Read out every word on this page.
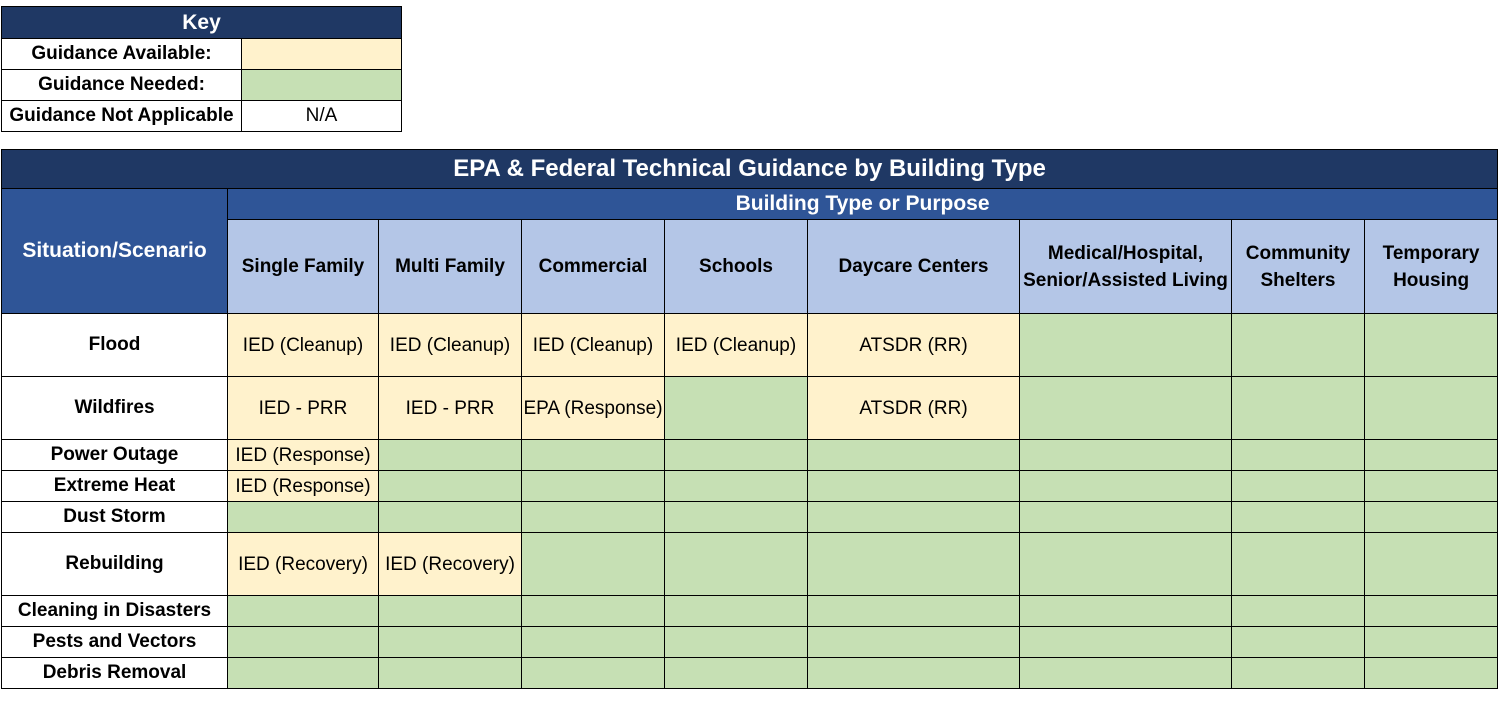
Key	
Guidance Available:	
Guidance Needed:	
Guidance Not Applicable	N/A
EPA & Federal Technical Guidance by Building Type								
Situation/Scenario	Building Type or Purpose							
	Single Family	Multi Family	Commercial	Schools	Daycare Centers	Medical/Hospital, Senior/Assisted Living	Community Shelters	Temporary Housing
Flood	IED (Cleanup)	IED (Cleanup)	IED (Cleanup)	IED (Cleanup)	ATSDR (RR)			
Wildfires	IED - PRR	IED - PRR	EPA (Response)		ATSDR (RR)			
Power Outage	IED (Response)							
Extreme Heat	IED (Response)							
Dust Storm								
Rebuilding	IED (Recovery)	IED (Recovery)						
Cleaning in Disasters								
Pests and Vectors								
Debris Removal								
